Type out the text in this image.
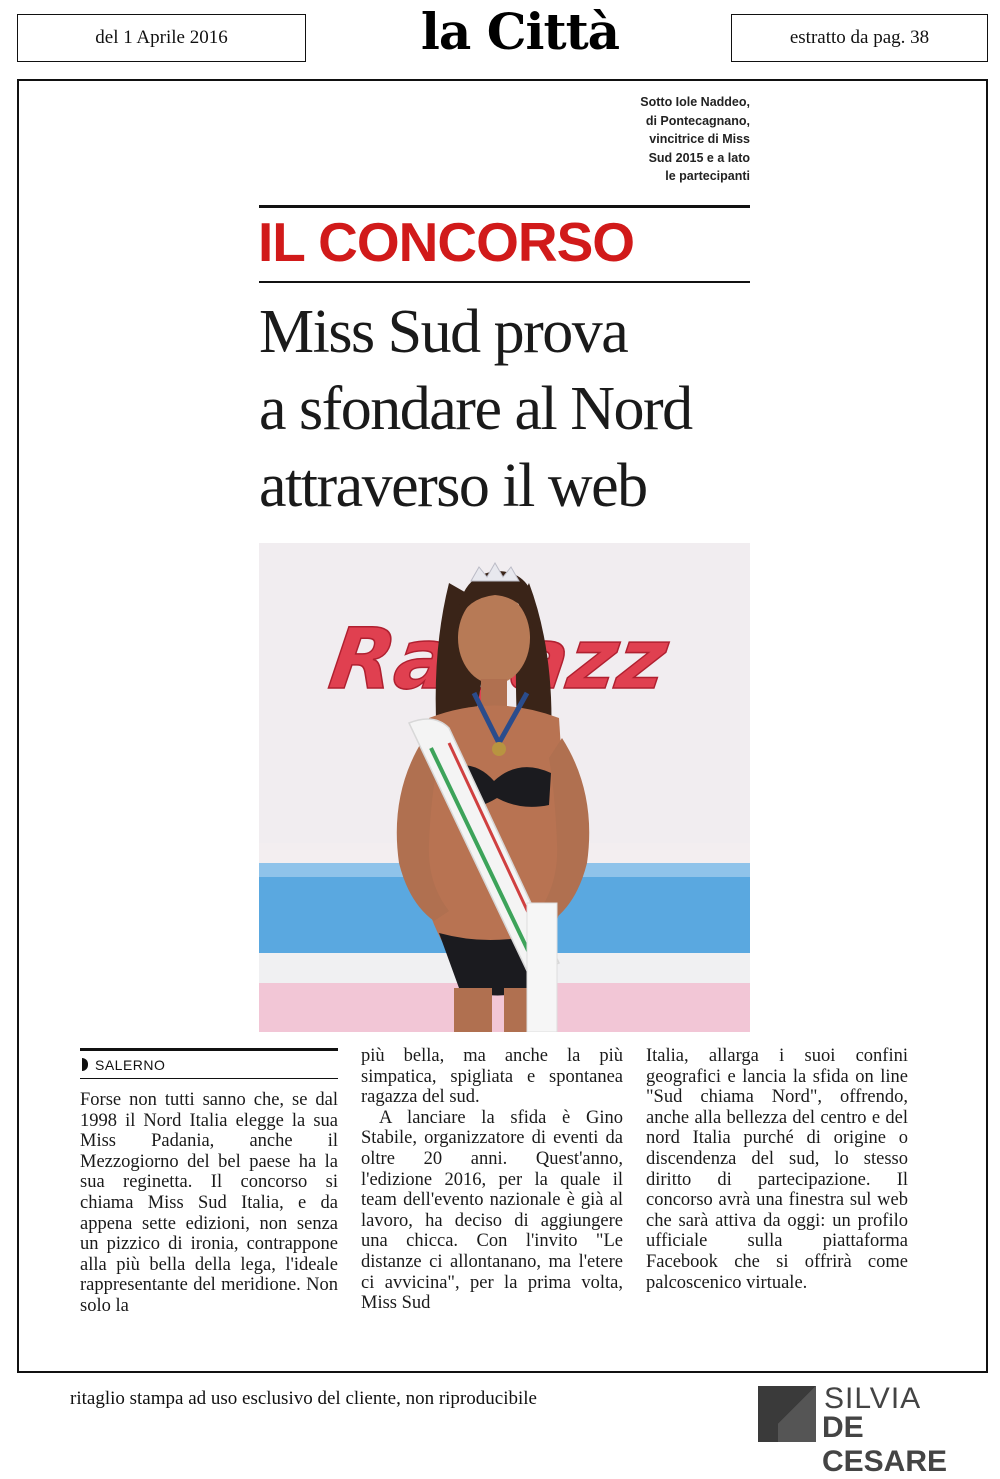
del 1 Aprile 2016	la Città	estratto da pag. 38
Sotto Iole Naddeo,
di Pontecagnano,
vincitrice di Miss
Sud 2015 e a lato
le partecipanti
IL CONCORSO
Miss Sud prova
a sfondare al Nord
attraverso il web
SALERNO

Forse non tutti sanno che, se dal 1998 il Nord Italia elegge la sua Miss Padania, anche il Mezzogiorno del bel paese ha la sua reginetta. Il concorso si chiama Miss Sud Italia, e da appena sette edizioni, non senza un pizzico di ironia, contrappone alla più bella della lega, l'ideale rappresentante del meridione. Non solo la

più bella, ma anche la più simpatica, spigliata e spontanea ragazza del sud.

A lanciare la sfida è Gino Stabile, organizzatore di eventi da oltre 20 anni. Quest'anno, l'edizione 2016, per la quale il team dell'evento nazionale è già al lavoro, ha deciso di aggiungere una chicca. Con l'invito "Le distanze ci allontanano, ma l'etere ci avvicina", per la prima volta, Miss Sud

Italia, allarga i suoi confini geografici e lancia la sfida on line "Sud chiama Nord", offrendo, anche alla bellezza del centro e del nord Italia purché di origine o discendenza del sud, lo stesso diritto di partecipazione. Il concorso avrà una finestra sul web che sarà attiva da oggi: un profilo ufficiale sulla piattaforma Facebook che si offrirà come palcoscenico virtuale.

ritaglio stampa ad uso esclusivo del cliente, non riproducibile	SILVIA
DE CESARE
